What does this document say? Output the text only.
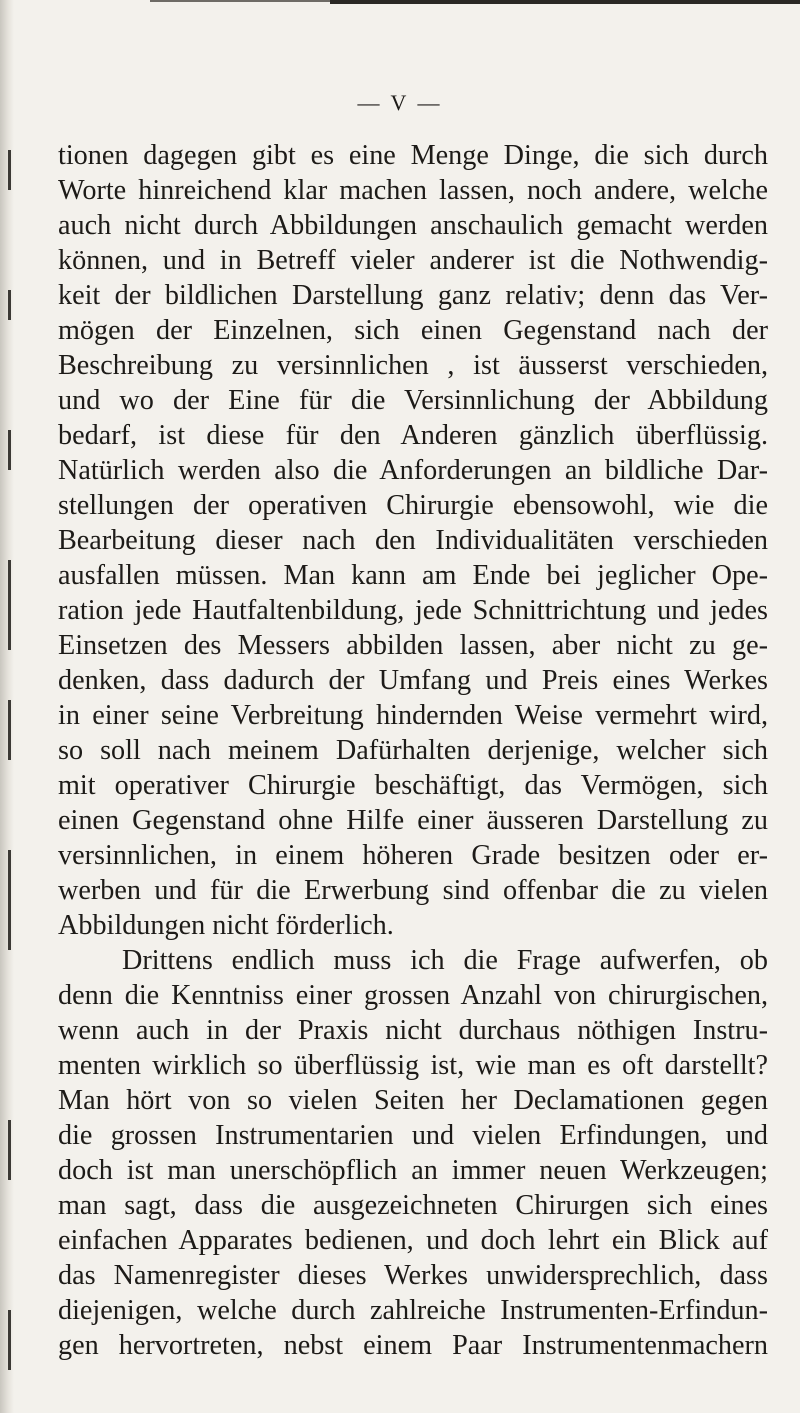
— V —
tionen dagegen gibt es eine Menge Dinge, die sich durch
Worte hinreichend klar machen lassen, noch andere, welche
auch nicht durch Abbildungen anschaulich gemacht werden
können, und in Betreff vieler anderer ist die Nothwendig-
keit der bildlichen Darstellung ganz relativ; denn das Ver-
mögen der Einzelnen, sich einen Gegenstand nach der
Beschreibung zu versinnlichen , ist äusserst verschieden,
und wo der Eine für die Versinnlichung der Abbildung
bedarf, ist diese für den Anderen gänzlich überflüssig.
Natürlich werden also die Anforderungen an bildliche Dar-
stellungen der operativen Chirurgie ebensowohl, wie die
Bearbeitung dieser nach den Individualitäten verschieden
ausfallen müssen. Man kann am Ende bei jeglicher Ope-
ration jede Hautfaltenbildung, jede Schnittrichtung und jedes
Einsetzen des Messers abbilden lassen, aber nicht zu ge-
denken, dass dadurch der Umfang und Preis eines Werkes
in einer seine Verbreitung hindernden Weise vermehrt wird,
so soll nach meinem Dafürhalten derjenige, welcher sich
mit operativer Chirurgie beschäftigt, das Vermögen, sich
einen Gegenstand ohne Hilfe einer äusseren Darstellung zu
versinnlichen, in einem höheren Grade besitzen oder er-
werben und für die Erwerbung sind offenbar die zu vielen
Abbildungen nicht förderlich.
Drittens endlich muss ich die Frage aufwerfen, ob
denn die Kenntniss einer grossen Anzahl von chirurgischen,
wenn auch in der Praxis nicht durchaus nöthigen Instru-
menten wirklich so überflüssig ist, wie man es oft darstellt?
Man hört von so vielen Seiten her Declamationen gegen
die grossen Instrumentarien und vielen Erfindungen, und
doch ist man unerschöpflich an immer neuen Werkzeugen;
man sagt, dass die ausgezeichneten Chirurgen sich eines
einfachen Apparates bedienen, und doch lehrt ein Blick auf
das Namenregister dieses Werkes unwidersprechlich, dass
diejenigen, welche durch zahlreiche Instrumenten-Erfindun-
gen hervortreten, nebst einem Paar Instrumentenmachern
